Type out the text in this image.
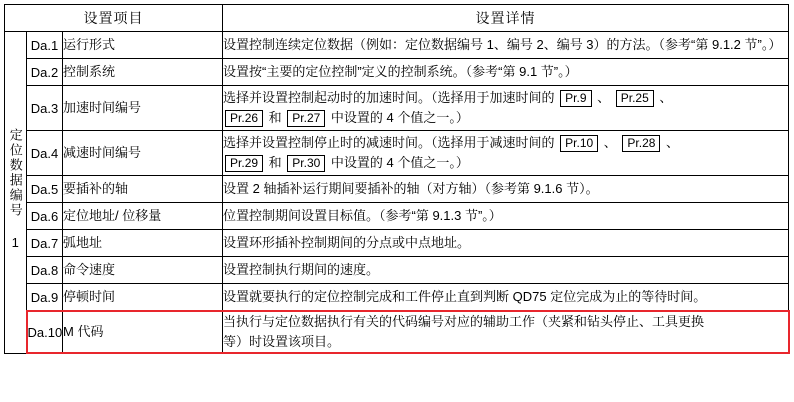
设置项目			设置详情
定位数据编号 1	Da.1	运行形式	设置控制连续定位数据（例如：定位数据编号 1、编号 2、编号 3）的方法。（参考“第 9.1.2 节”。）
	Da.2	控制系统	设置按“主要的定位控制”定义的控制系统。（参考“第 9.1 节”。）
	Da.3	加速时间编号	选择并设置控制起动时的加速时间。（选择用于加速时间的 Pr.9 、 Pr.25 、
Pr.26 和 Pr.27 中设置的 4 个值之一。）
	Da.4	减速时间编号	选择并设置控制停止时的减速时间。（选择用于减速时间的 Pr.10 、 Pr.28 、
Pr.29 和 Pr.30 中设置的 4 个值之一。）
	Da.5	要插补的轴	设置 2 轴插补运行期间要插补的轴（对方轴）（参考第 9.1.6 节）。
	Da.6	定位地址/ 位移量	位置控制期间设置目标值。（参考“第 9.1.3 节”。）
	Da.7	弧地址	设置环形插补控制期间的分点或中点地址。
	Da.8	命令速度	设置控制执行期间的速度。
	Da.9	停顿时间	设置就要执行的定位控制完成和工件停止直到判断 QD75 定位完成为止的等待时间。
	Da.10	M 代码	当执行与定位数据执行有关的代码编号对应的辅助工作（夹紧和钻头停止、工具更换
等）时设置该项目。
